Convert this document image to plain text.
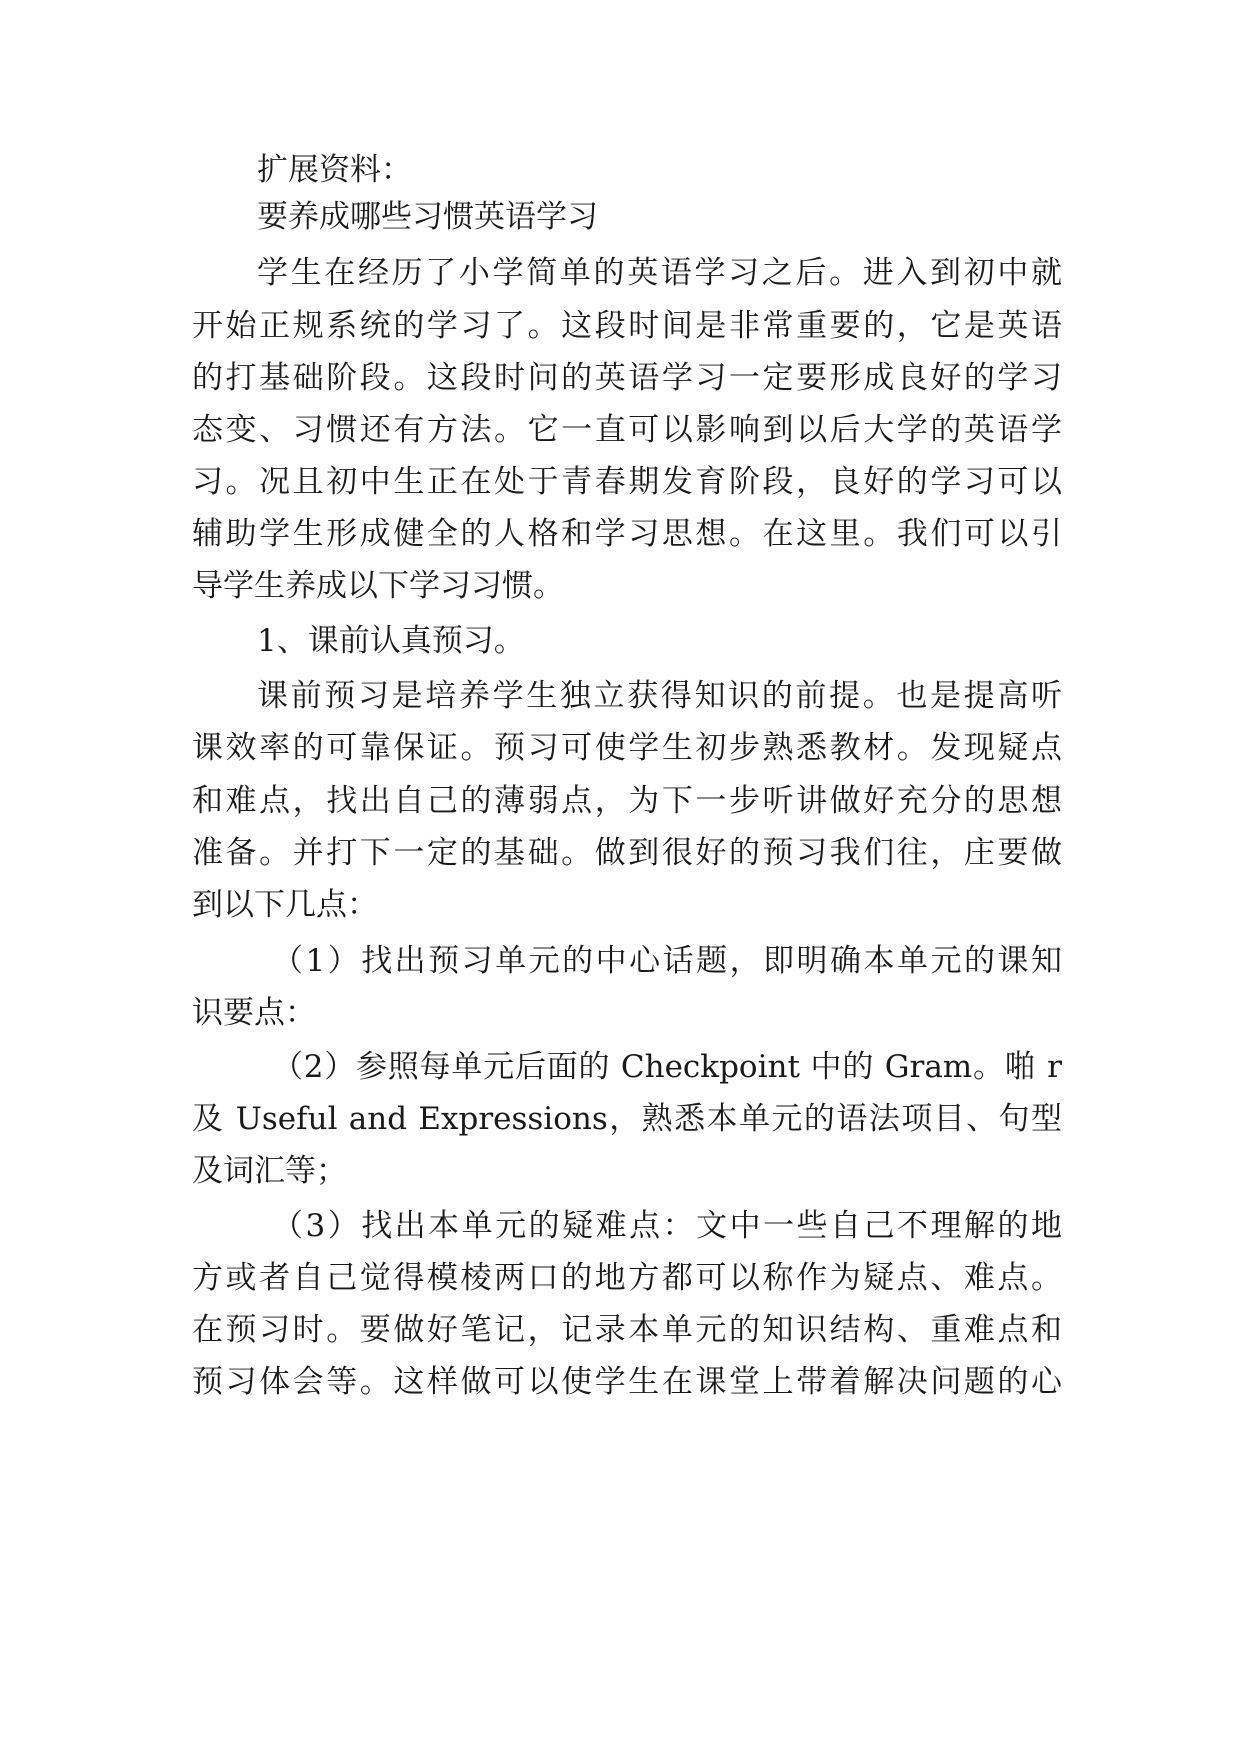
扩展资料：
要养成哪些习惯英语学习
学生在经历了小学简单的英语学习之后。进入到初中就
开始正规系统的学习了。这段时间是非常重要的，它是英语
的打基础阶段。这段时问的英语学习一定要形成良好的学习
态变、习惯还有方法。它一直可以影响到以后大学的英语学
习。况且初中生正在处于青春期发育阶段，良好的学习可以
辅助学生形成健全的人格和学习思想。在这里。我们可以引
导学生养成以下学习习惯。
1、课前认真预习。
课前预习是培养学生独立获得知识的前提。也是提高听
课效率的可靠保证。预习可使学生初步熟悉教材。发现疑点
和难点，找出自己的薄弱点，为下一步听讲做好充分的思想
准备。并打下一定的基础。做到很好的预习我们往，庄要做
到以下几点：
（1）找出预习单元的中心话题，即明确本单元的课知
识要点：
（2）参照每单元后面的 Checkpoint 中的 Gram。啪 r
及 Useful and Expressions，熟悉本单元的语法项目、句型
及词汇等；
（3）找出本单元的疑难点：文中一些自己不理解的地
方或者自己觉得模棱两口的地方都可以称作为疑点、难点。
在预习时。要做好笔记，记录本单元的知识结构、重难点和
预习体会等。这样做可以使学生在课堂上带着解决问题的心
